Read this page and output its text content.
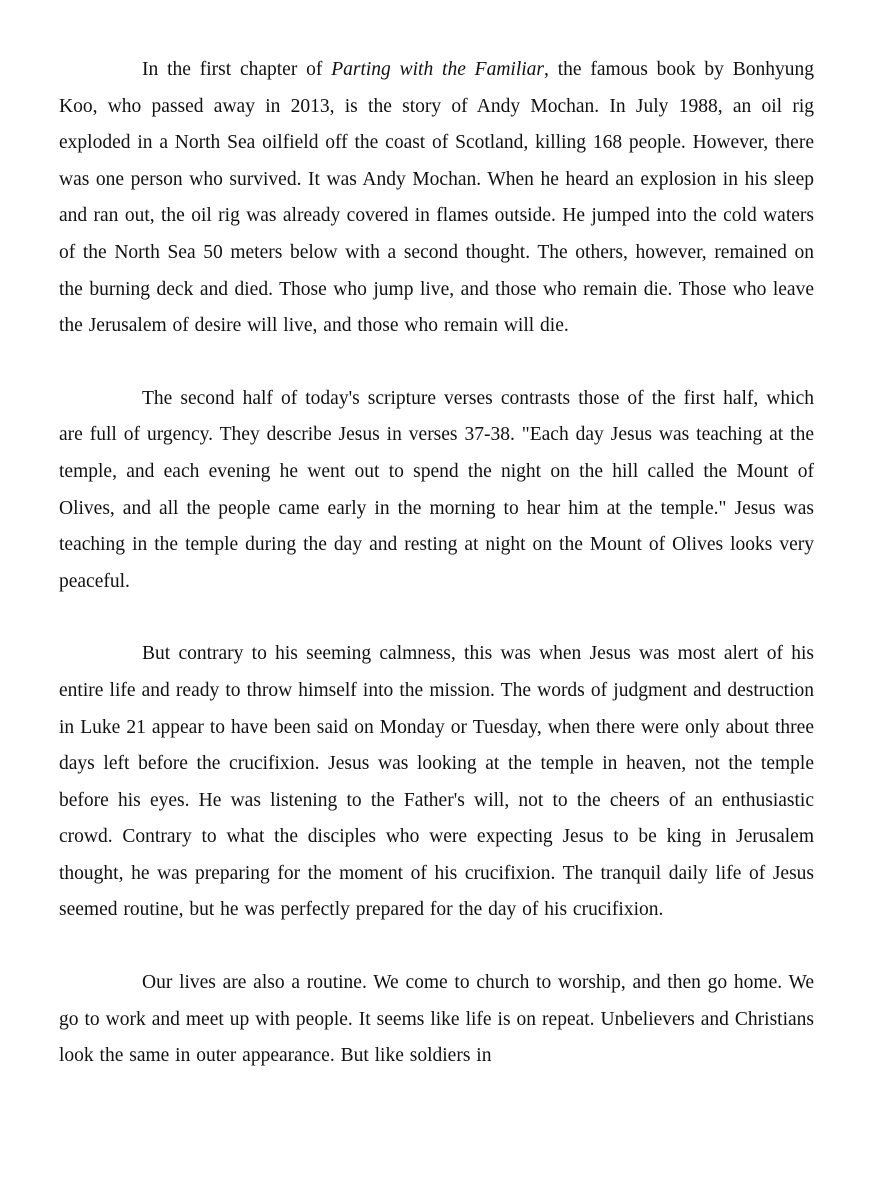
In the first chapter of Parting with the Familiar, the famous book by Bonhyung Koo, who passed away in 2013, is the story of Andy Mochan. In July 1988, an oil rig exploded in a North Sea oilfield off the coast of Scotland, killing 168 people. However, there was one person who survived. It was Andy Mochan. When he heard an explosion in his sleep and ran out, the oil rig was already covered in flames outside. He jumped into the cold waters of the North Sea 50 meters below with a second thought. The others, however, remained on the burning deck and died. Those who jump live, and those who remain die. Those who leave the Jerusalem of desire will live, and those who remain will die.

The second half of today's scripture verses contrasts those of the first half, which are full of urgency. They describe Jesus in verses 37-38. "Each day Jesus was teaching at the temple, and each evening he went out to spend the night on the hill called the Mount of Olives, and all the people came early in the morning to hear him at the temple." Jesus was teaching in the temple during the day and resting at night on the Mount of Olives looks very peaceful.

But contrary to his seeming calmness, this was when Jesus was most alert of his entire life and ready to throw himself into the mission. The words of judgment and destruction in Luke 21 appear to have been said on Monday or Tuesday, when there were only about three days left before the crucifixion. Jesus was looking at the temple in heaven, not the temple before his eyes. He was listening to the Father's will, not to the cheers of an enthusiastic crowd. Contrary to what the disciples who were expecting Jesus to be king in Jerusalem thought, he was preparing for the moment of his crucifixion. The tranquil daily life of Jesus seemed routine, but he was perfectly prepared for the day of his crucifixion.

Our lives are also a routine. We come to church to worship, and then go home. We go to work and meet up with people. It seems like life is on repeat. Unbelievers and Christians look the same in outer appearance. But like soldiers in
